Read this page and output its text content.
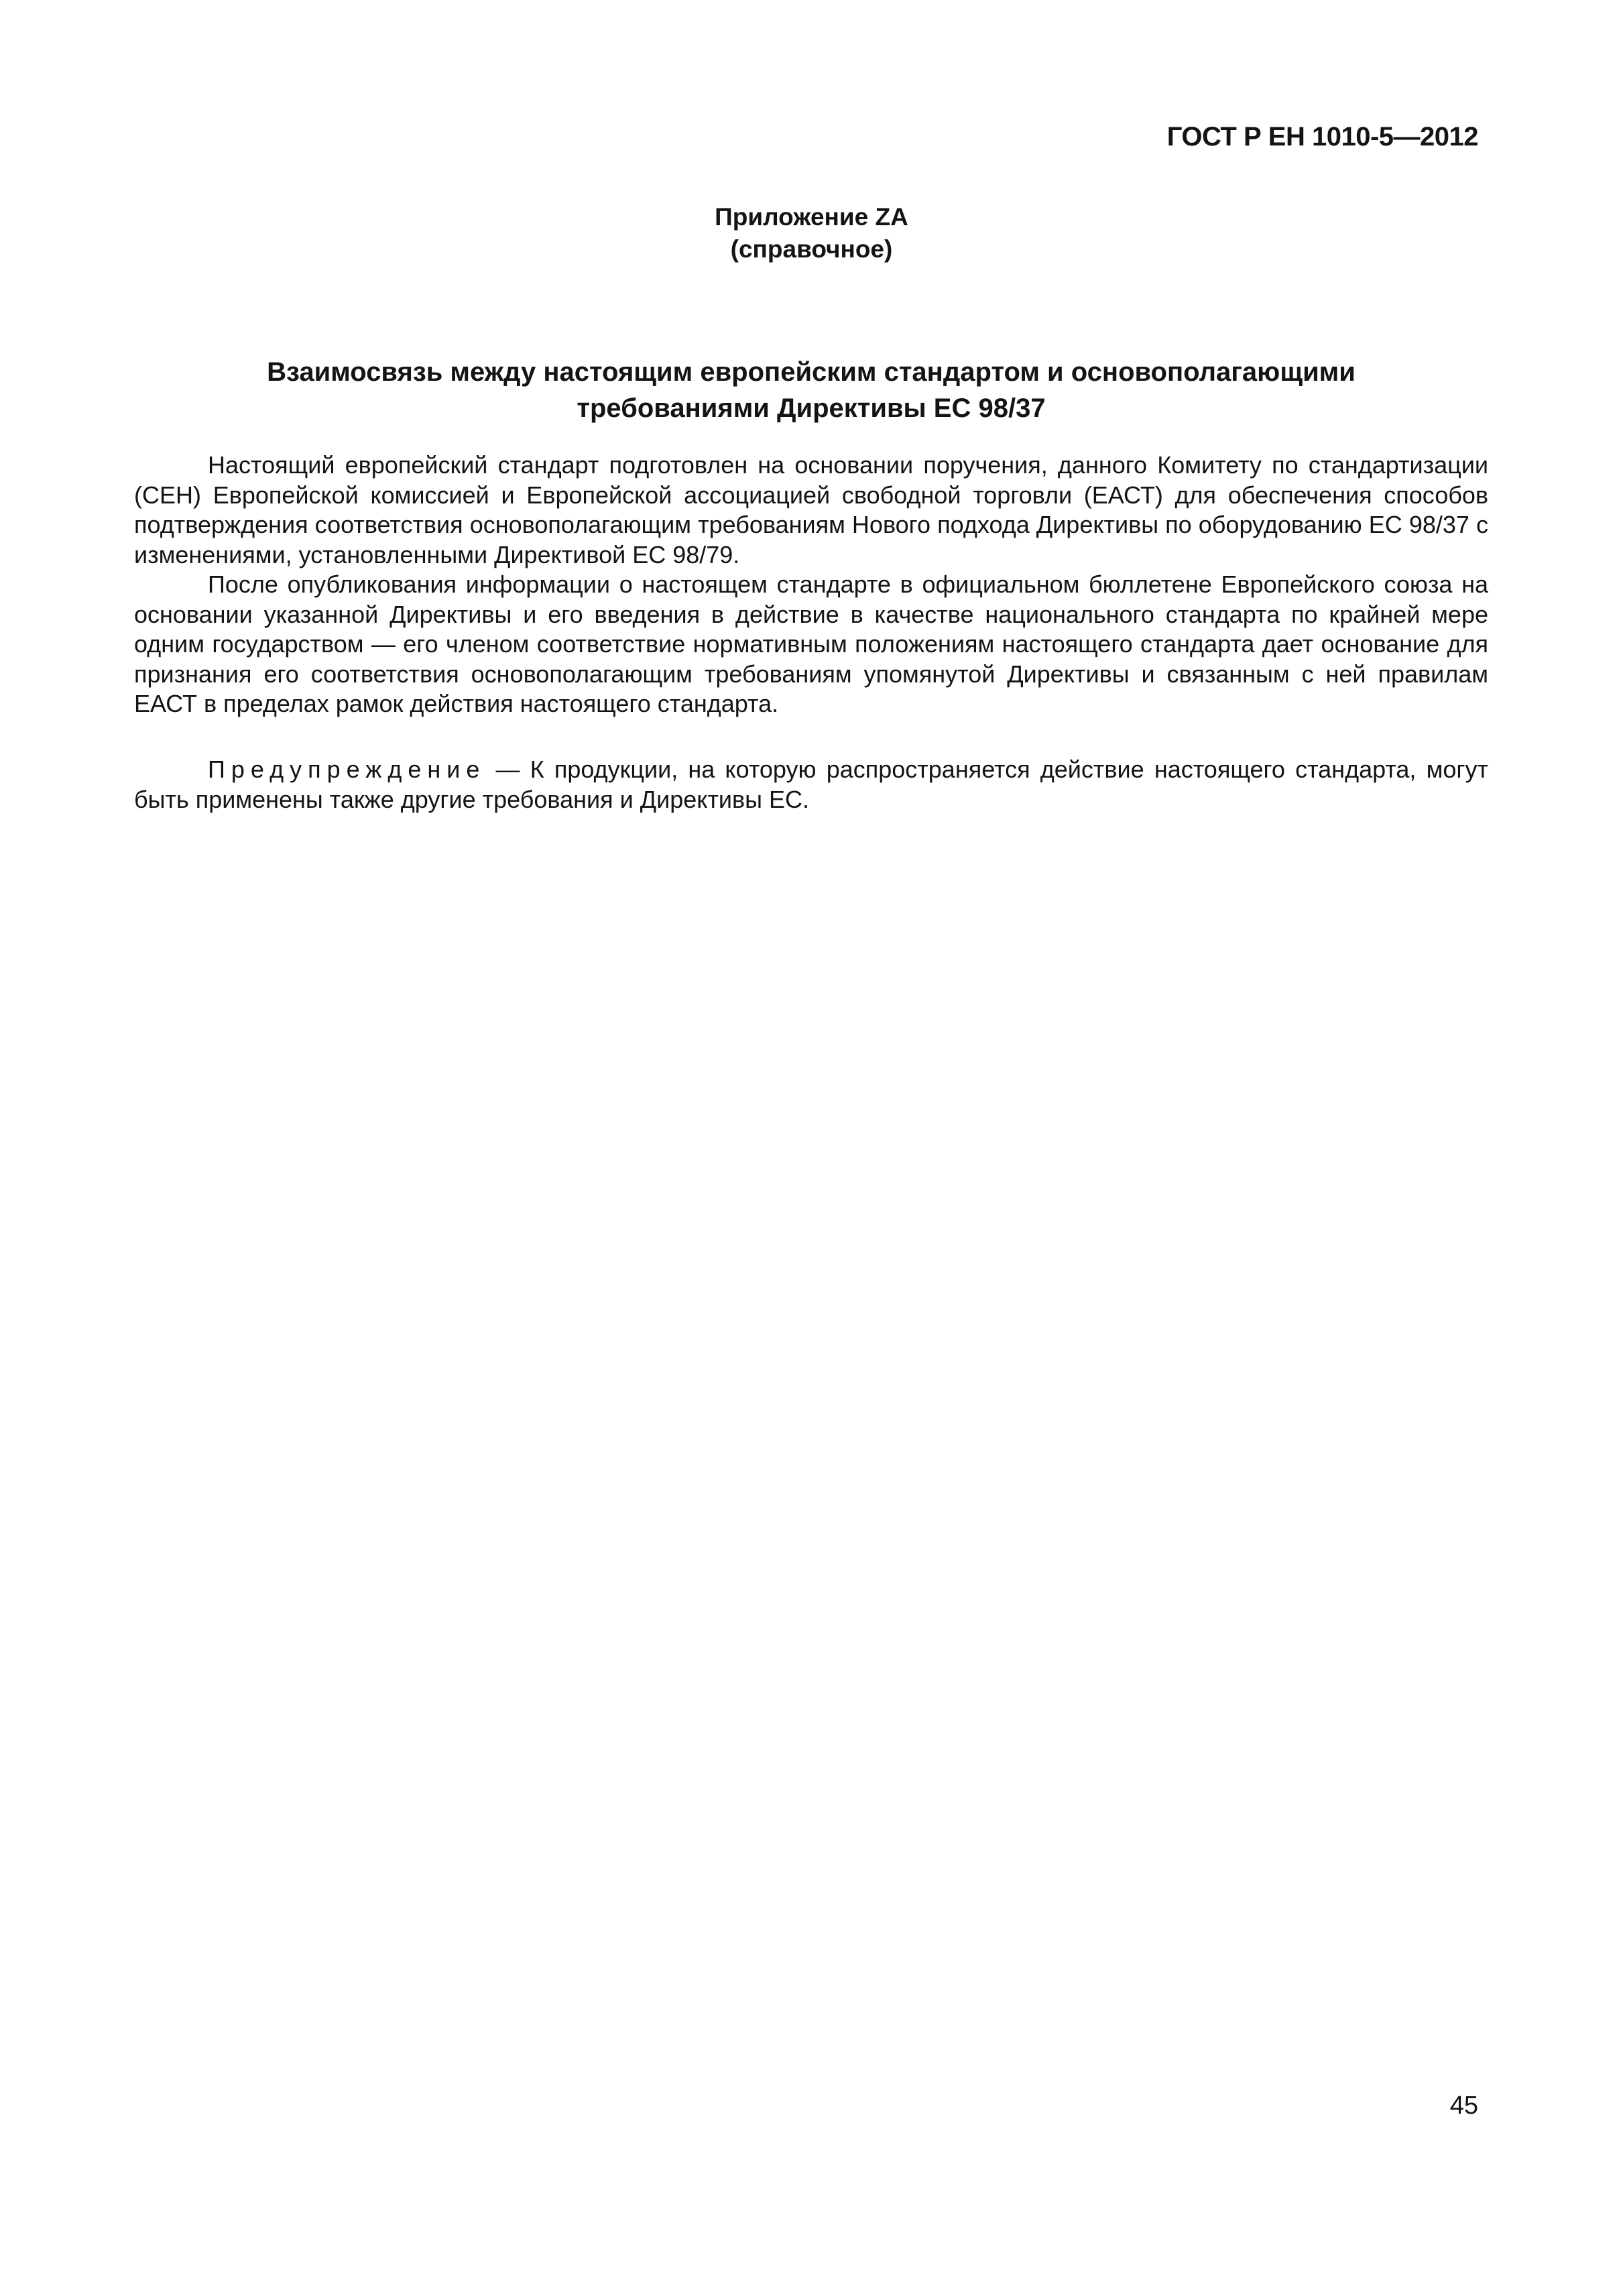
ГОСТ Р ЕН 1010-5—2012
Приложение ZA
(справочное)
Взаимосвязь между настоящим европейским стандартом и основополагающими
требованиями Директивы ЕС 98/37

Настоящий европейский стандарт подготовлен на основании поручения, данного Комитету по стандартизации (СЕН) Европейской комиссией и Европейской ассоциацией свободной торговли (ЕАСТ) для обеспечения способов подтверждения соответствия основополагающим требованиям Нового подхода Директивы по оборудованию ЕС 98/37 с изменениями, установленными Директивой ЕС 98/79.

После опубликования информации о настоящем стандарте в официальном бюллетене Европейского союза на основании указанной Директивы и его введения в действие в качестве национального стандарта по крайней мере одним государством — его членом соответствие нормативным положениям настоящего стандарта дает основание для признания его соответствия основополагающим требованиям упомянутой Директивы и связанным с ней правилам ЕАСТ в пределах рамок действия настоящего стандарта.

Предупреждение — К продукции, на которую распространяется действие настоящего стандарта, могут быть применены также другие требования и Директивы ЕС.

45
